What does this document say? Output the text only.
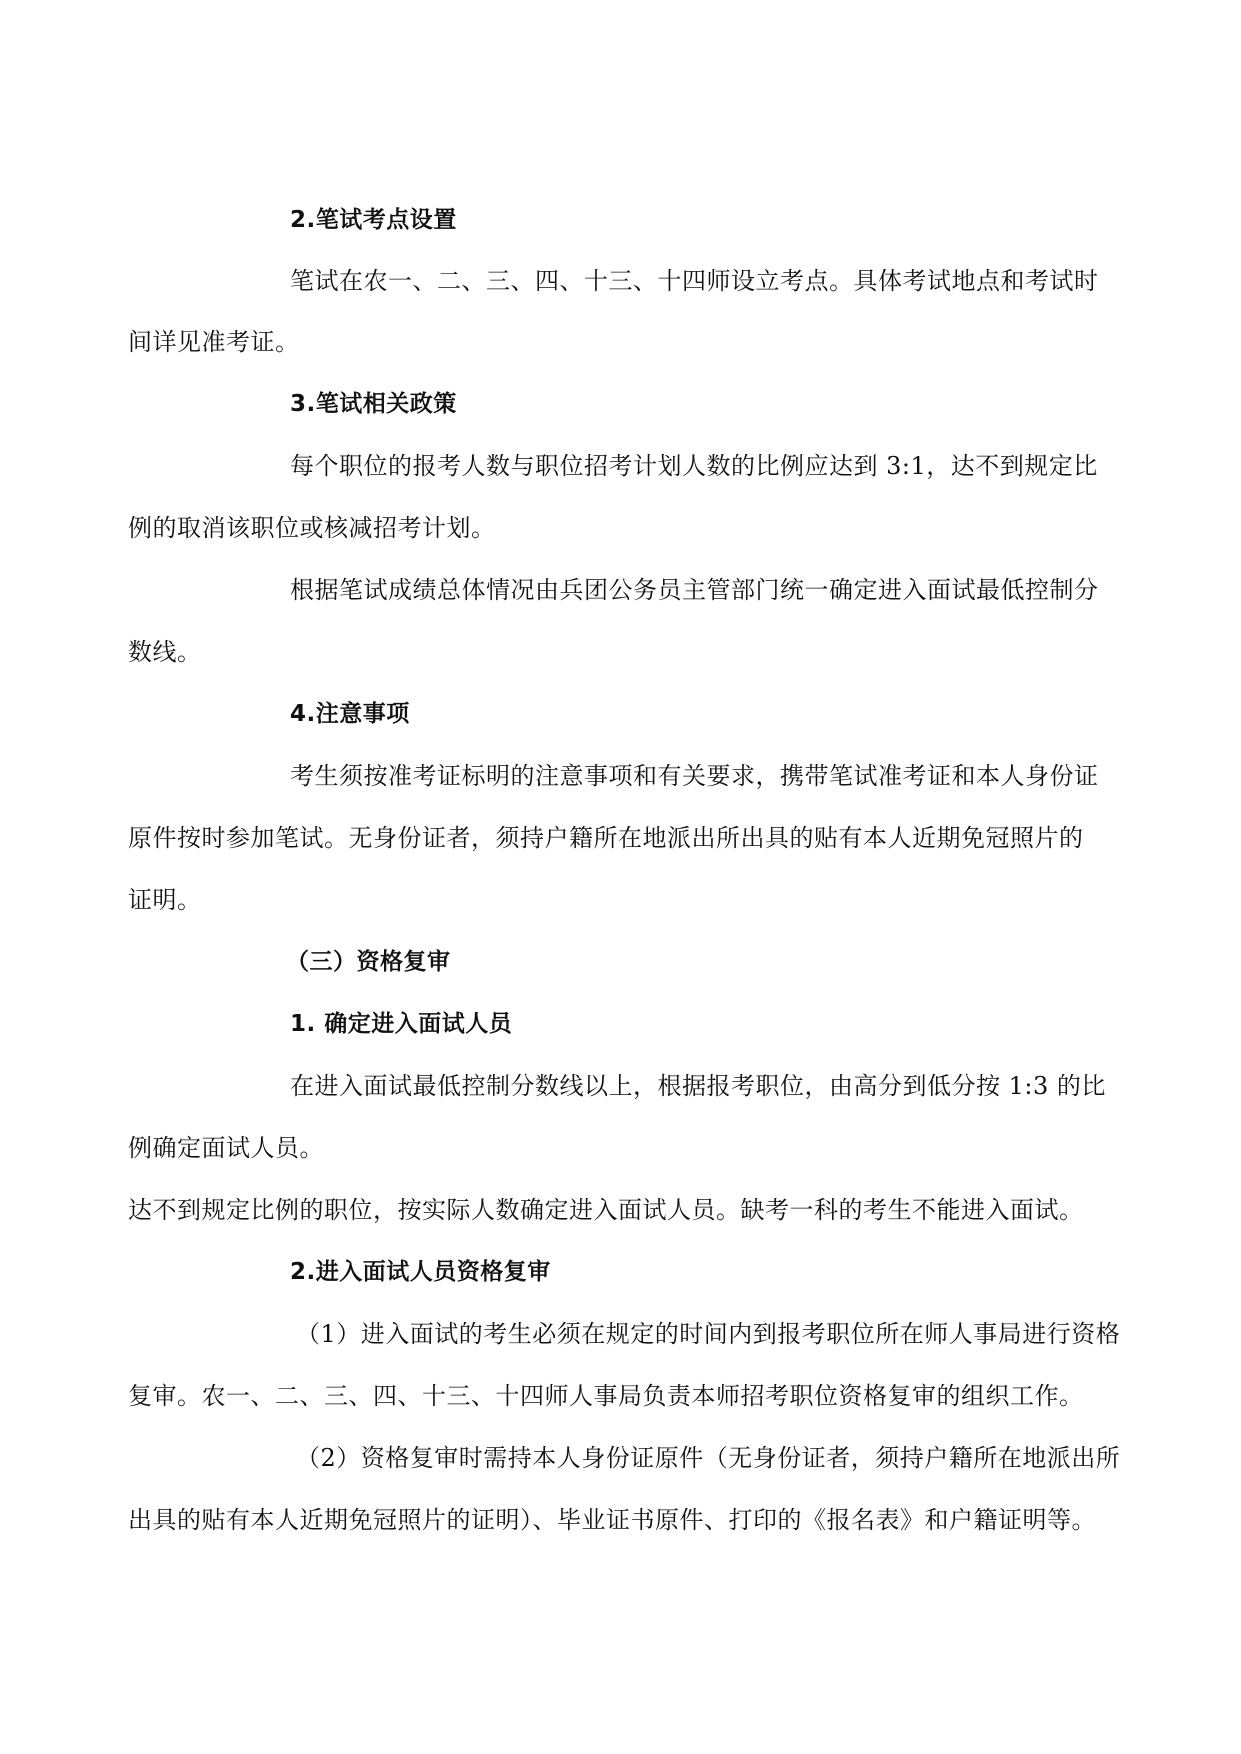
2.笔试考点设置
笔试在农一、二、三、四、十三、十四师设立考点。具体考试地点和考试时
间详见准考证。
3.笔试相关政策
每个职位的报考人数与职位招考计划人数的比例应达到 3:1，达不到规定比
例的取消该职位或核减招考计划。
根据笔试成绩总体情况由兵团公务员主管部门统一确定进入面试最低控制分
数线。
4.注意事项
考生须按准考证标明的注意事项和有关要求，携带笔试准考证和本人身份证
原件按时参加笔试。无身份证者，须持户籍所在地派出所出具的贴有本人近期免冠照片的
证明。
（三）资格复审
1. 确定进入面试人员
在进入面试最低控制分数线以上，根据报考职位，由高分到低分按 1:3 的比
例确定面试人员。
达不到规定比例的职位，按实际人数确定进入面试人员。缺考一科的考生不能进入面试。
2.进入面试人员资格复审
（1）进入面试的考生必须在规定的时间内到报考职位所在师人事局进行资格
复审。农一、二、三、四、十三、十四师人事局负责本师招考职位资格复审的组织工作。
（2）资格复审时需持本人身份证原件（无身份证者，须持户籍所在地派出所
出具的贴有本人近期免冠照片的证明）、毕业证书原件、打印的《报名表》和户籍证明等。
